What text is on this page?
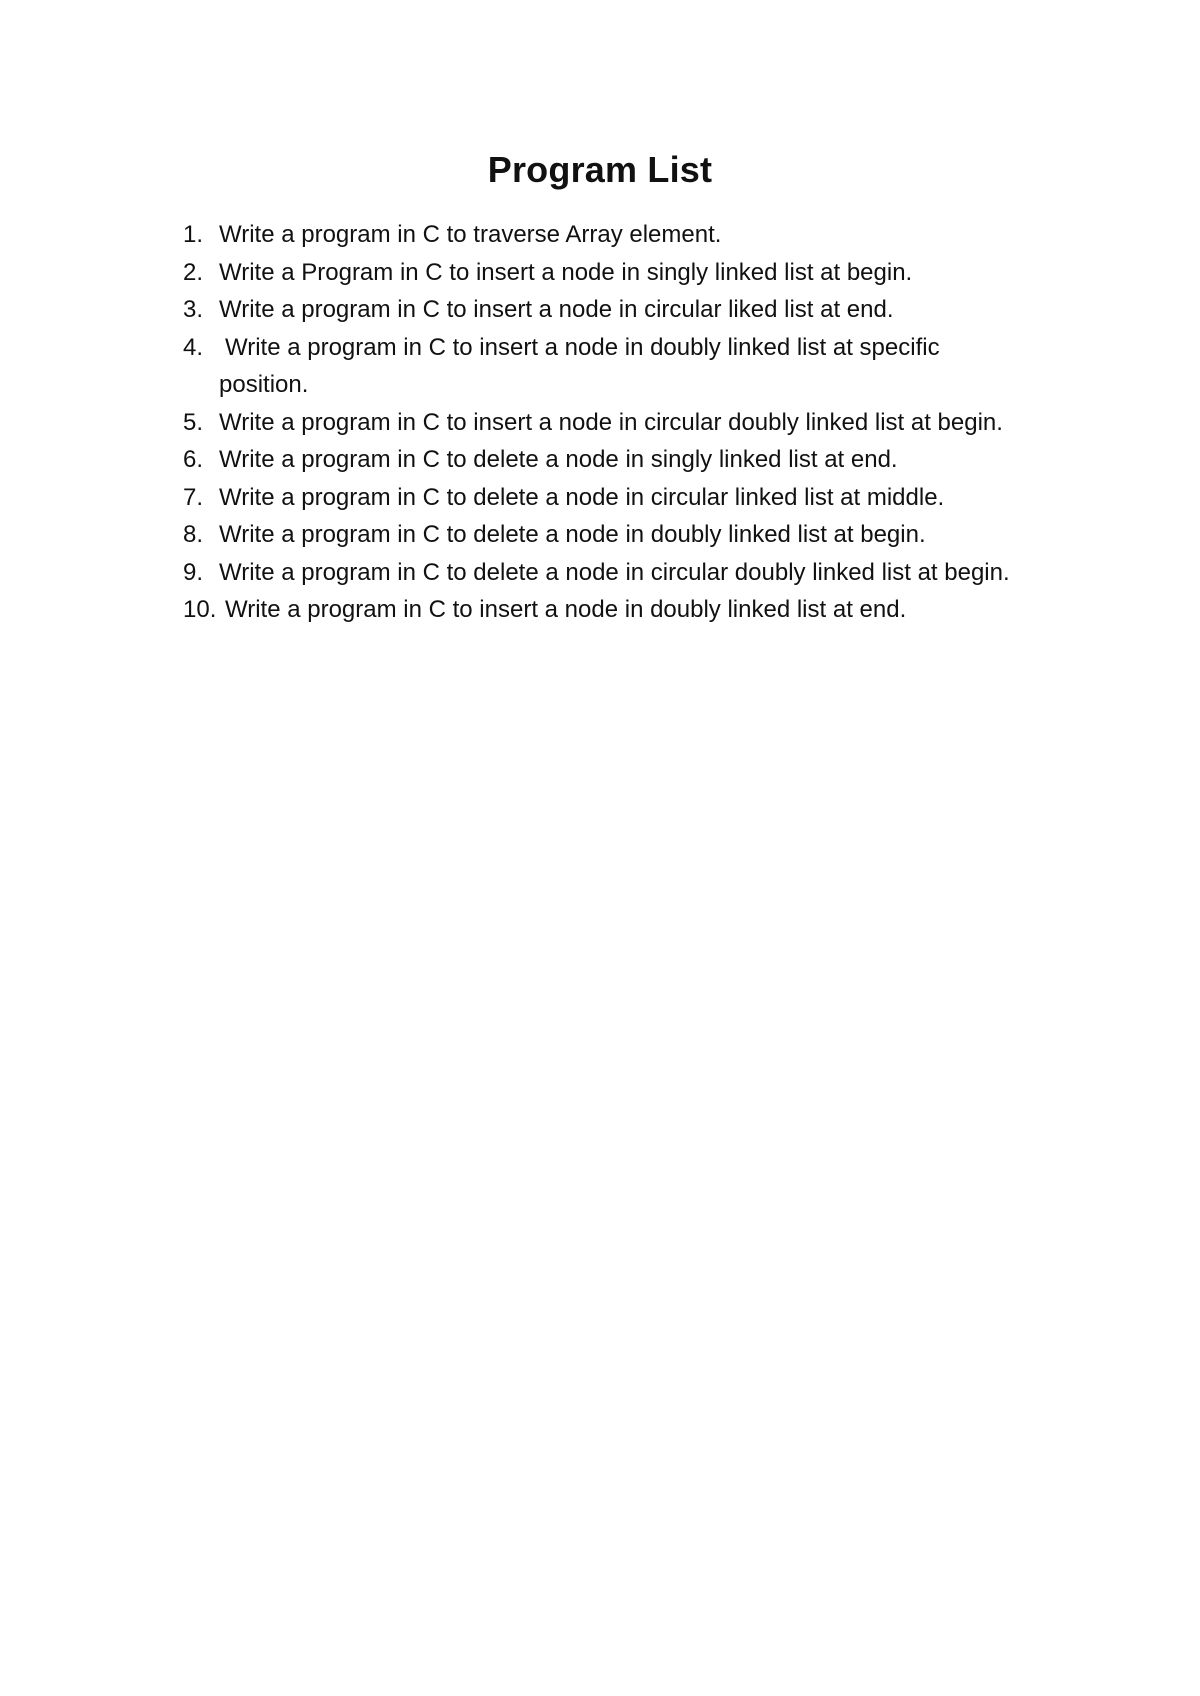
Program List
1. Write a program in C to traverse Array element.
2. Write a Program in C to insert a node in singly linked list at begin.
3. Write a program in C to insert a node in circular liked list at end.
4. Write a program in C to insert a node in doubly linked list at specific position.
5. Write a program in C to insert a node in circular doubly linked list at begin.
6. Write a program in C to delete a node in singly linked list at end.
7. Write a program in C to delete a node in circular linked list at middle.
8. Write a program in C to delete a node in doubly linked list at begin.
9. Write a program in C to delete a node in circular doubly linked list at begin.
10. Write a program in C to insert a node in doubly linked list at end.
